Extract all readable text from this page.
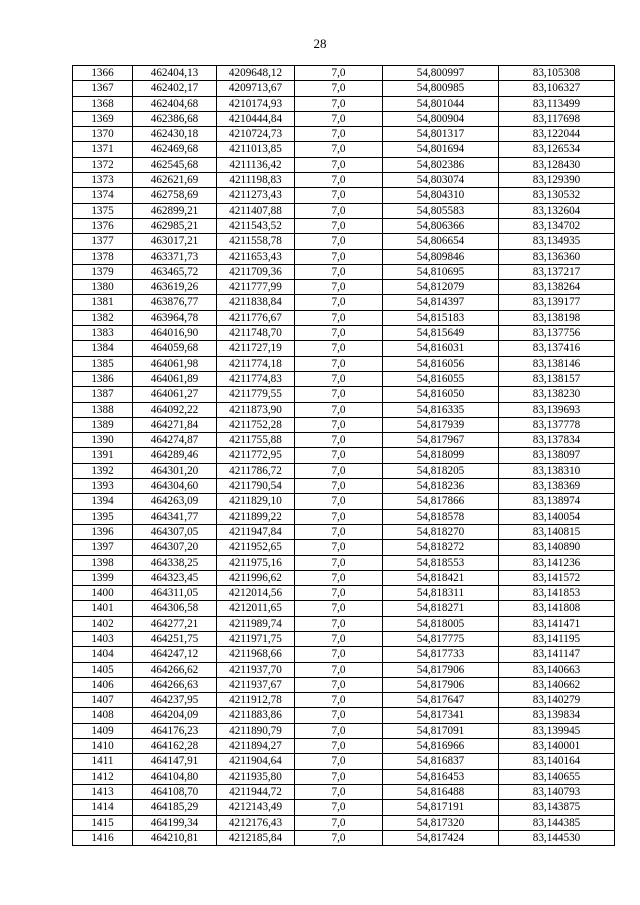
28
1366	462404,13	4209648,12	7,0	54,800997	83,105308
1367	462402,17	4209713,67	7,0	54,800985	83,106327
1368	462404,68	4210174,93	7,0	54,801044	83,113499
1369	462386,68	4210444,84	7,0	54,800904	83,117698
1370	462430,18	4210724,73	7,0	54,801317	83,122044
1371	462469,68	4211013,85	7,0	54,801694	83,126534
1372	462545,68	4211136,42	7,0	54,802386	83,128430
1373	462621,69	4211198,83	7,0	54,803074	83,129390
1374	462758,69	4211273,43	7,0	54,804310	83,130532
1375	462899,21	4211407,88	7,0	54,805583	83,132604
1376	462985,21	4211543,52	7,0	54,806366	83,134702
1377	463017,21	4211558,78	7,0	54,806654	83,134935
1378	463371,73	4211653,43	7,0	54,809846	83,136360
1379	463465,72	4211709,36	7,0	54,810695	83,137217
1380	463619,26	4211777,99	7,0	54,812079	83,138264
1381	463876,77	4211838,84	7,0	54,814397	83,139177
1382	463964,78	4211776,67	7,0	54,815183	83,138198
1383	464016,90	4211748,70	7,0	54,815649	83,137756
1384	464059,68	4211727,19	7,0	54,816031	83,137416
1385	464061,98	4211774,18	7,0	54,816056	83,138146
1386	464061,89	4211774,83	7,0	54,816055	83,138157
1387	464061,27	4211779,55	7,0	54,816050	83,138230
1388	464092,22	4211873,90	7,0	54,816335	83,139693
1389	464271,84	4211752,28	7,0	54,817939	83,137778
1390	464274,87	4211755,88	7,0	54,817967	83,137834
1391	464289,46	4211772,95	7,0	54,818099	83,138097
1392	464301,20	4211786,72	7,0	54,818205	83,138310
1393	464304,60	4211790,54	7,0	54,818236	83,138369
1394	464263,09	4211829,10	7,0	54,817866	83,138974
1395	464341,77	4211899,22	7,0	54,818578	83,140054
1396	464307,05	4211947,84	7,0	54,818270	83,140815
1397	464307,20	4211952,65	7,0	54,818272	83,140890
1398	464338,25	4211975,16	7,0	54,818553	83,141236
1399	464323,45	4211996,62	7,0	54,818421	83,141572
1400	464311,05	4212014,56	7,0	54,818311	83,141853
1401	464306,58	4212011,65	7,0	54,818271	83,141808
1402	464277,21	4211989,74	7,0	54,818005	83,141471
1403	464251,75	4211971,75	7,0	54,817775	83,141195
1404	464247,12	4211968,66	7,0	54,817733	83,141147
1405	464266,62	4211937,70	7,0	54,817906	83,140663
1406	464266,63	4211937,67	7,0	54,817906	83,140662
1407	464237,95	4211912,78	7,0	54,817647	83,140279
1408	464204,09	4211883,86	7,0	54,817341	83,139834
1409	464176,23	4211890,79	7,0	54,817091	83,139945
1410	464162,28	4211894,27	7,0	54,816966	83,140001
1411	464147,91	4211904,64	7,0	54,816837	83,140164
1412	464104,80	4211935,80	7,0	54,816453	83,140655
1413	464108,70	4211944,72	7,0	54,816488	83,140793
1414	464185,29	4212143,49	7,0	54,817191	83,143875
1415	464199,34	4212176,43	7,0	54,817320	83,144385
1416	464210,81	4212185,84	7,0	54,817424	83,144530
